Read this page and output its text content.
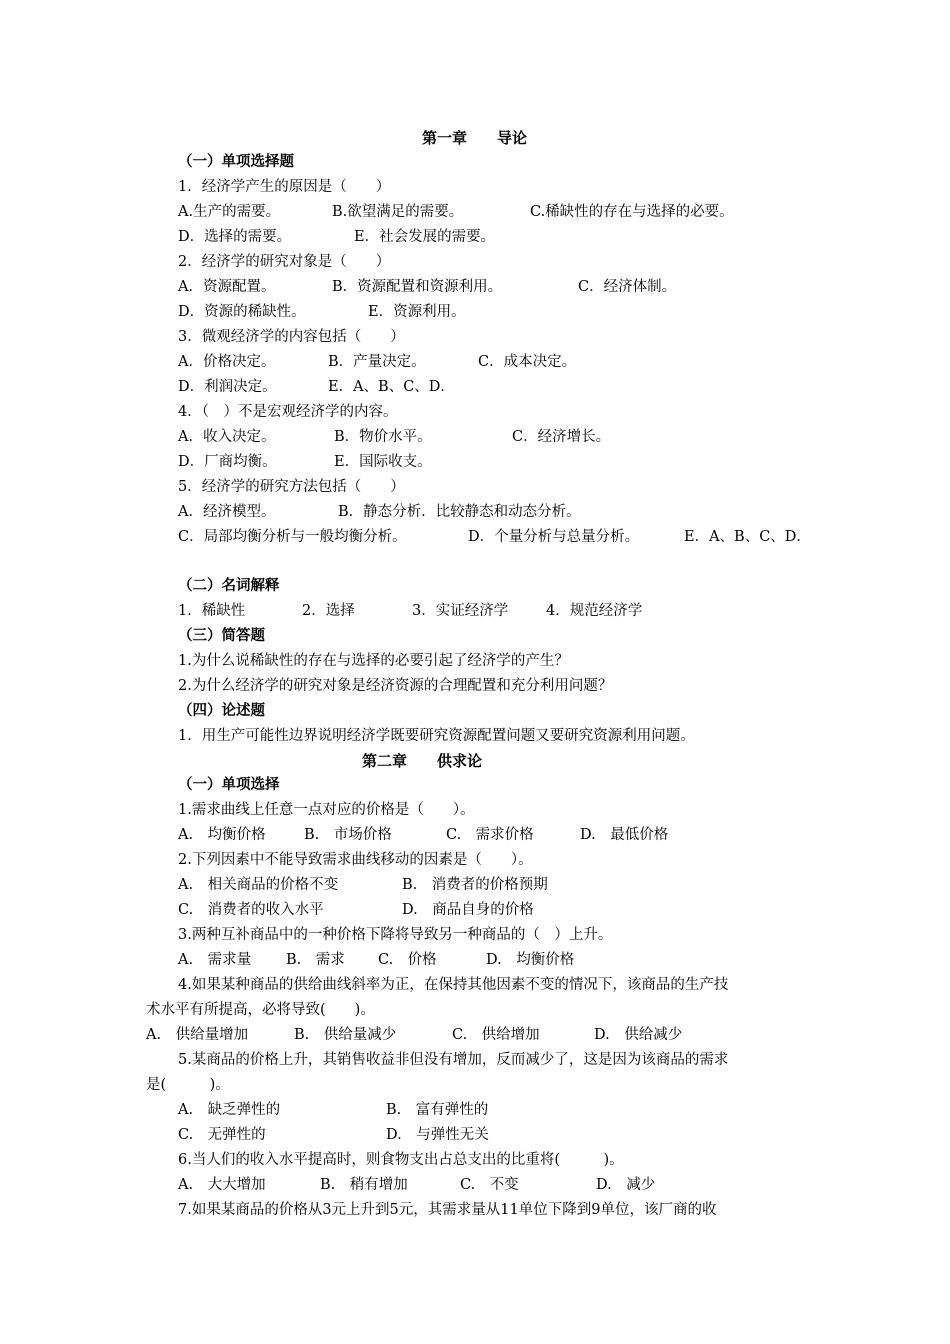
第一章　　导论
（一）单项选择题
1．经济学产生的原因是（　　）
A.生产的需要。	B.欲望满足的需要。	C.稀缺性的存在与选择的必要。
D．选择的需要。	E．社会发展的需要。
2．经济学的研究对象是（　　）
A．资源配置。	B．资源配置和资源利用。	C．经济体制。
D．资源的稀缺性。	E．资源利用。
3．微观经济学的内容包括（　　）
A．价格决定。	B．产量决定。	C．成本决定。
D．利润决定。	E．A、B、C、D．
4．（　）不是宏观经济学的内容。
A．收入决定。	B．物价水平。	C．经济增长。
D．厂商均衡。	E．国际收支。
5．经济学的研究方法包括（　　）
A．经济模型。	B．静态分析．比较静态和动态分析。
C．局部均衡分析与一般均衡分析。	D．个量分析与总量分析。	E．A、B、C、D．
（二）名词解释
1．稀缺性	2．选择	3．实证经济学	4．规范经济学
（三）简答题
1.为什么说稀缺性的存在与选择的必要引起了经济学的产生？
2.为什么经济学的研究对象是经济资源的合理配置和充分利用问题？
（四）论述题
1．用生产可能性边界说明经济学既要研究资源配置问题又要研究资源利用问题。
第二章　　供求论
（一）单项选择
1.需求曲线上任意一点对应的价格是（　　）。
A.　均衡价格	B.　市场价格	C.　需求价格	D.　最低价格
2.下列因素中不能导致需求曲线移动的因素是（　　）。
A.　相关商品的价格不变	B.　消费者的价格预期
C.　消费者的收入水平	D.　商品自身的价格
3.两种互补商品中的一种价格下降将导致另一种商品的（　）上升。
A.　需求量 B.　需求 C.　价格	D.　均衡价格
4.如果某种商品的供给曲线斜率为正，在保持其他因素不变的情况下，该商品的生产技
术水平有所提高，必将导致(　　)。
A.　供给量增加	B.　供给量减少	C.　供给增加	D.　供给减少
5.某商品的价格上升，其销售收益非但没有增加，反而减少了，这是因为该商品的需求
是(　　　)。
A.　缺乏弹性的	B.　富有弹性的
C.　无弹性的	D.　与弹性无关
6.当人们的收入水平提高时，则食物支出占总支出的比重将(　　　)。
A.　大大增加	B.　稍有增加	C.　不变	D.　减少
7.如果某商品的价格从3元上升到5元，其需求量从11单位下降到9单位，该厂商的收
